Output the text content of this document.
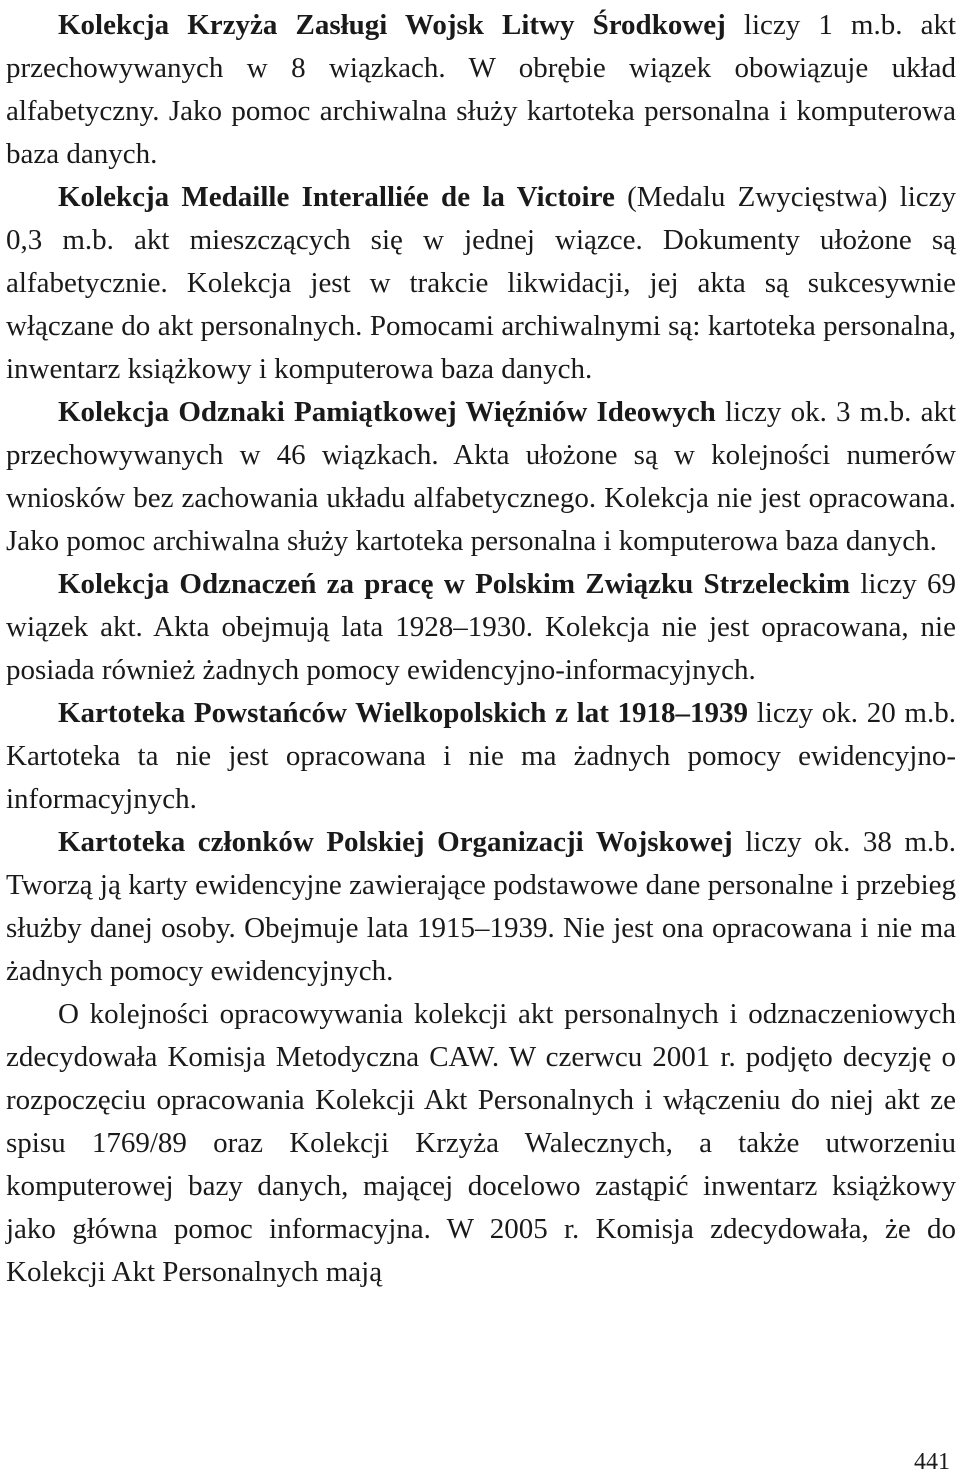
Kolekcja Krzyża Zasługi Wojsk Litwy Środkowej liczy 1 m.b. akt przechowywanych w 8 wiązkach. W obrębie wiązek obowiązuje układ alfabetyczny. Jako pomoc archiwalna służy kartoteka personalna i komputerowa baza danych.

Kolekcja Medaille Interalliée de la Victoire (Medalu Zwycięstwa) liczy 0,3 m.b. akt mieszczących się w jednej wiązce. Dokumenty ułożone są alfabetycznie. Kolekcja jest w trakcie likwidacji, jej akta są sukcesywnie włączane do akt personalnych. Pomocami archiwalnymi są: kartoteka personalna, inwentarz książkowy i komputerowa baza danych.

Kolekcja Odznaki Pamiątkowej Więźniów Ideowych liczy ok. 3 m.b. akt przechowywanych w 46 wiązkach. Akta ułożone są w kolejności numerów wniosków bez zachowania układu alfabetycznego. Kolekcja nie jest opracowana. Jako pomoc archiwalna służy kartoteka personalna i komputerowa baza danych.

Kolekcja Odznaczeń za pracę w Polskim Związku Strzeleckim liczy 69 wiązek akt. Akta obejmują lata 1928–1930. Kolekcja nie jest opracowana, nie posiada również żadnych pomocy ewidencyjno-informacyjnych.

Kartoteka Powstańców Wielkopolskich z lat 1918–1939 liczy ok. 20 m.b. Kartoteka ta nie jest opracowana i nie ma żadnych pomocy ewidencyjno-informacyjnych.

Kartoteka członków Polskiej Organizacji Wojskowej liczy ok. 38 m.b. Tworzą ją karty ewidencyjne zawierające podstawowe dane personalne i przebieg służby danej osoby. Obejmuje lata 1915–1939. Nie jest ona opracowana i nie ma żadnych pomocy ewidencyjnych.

O kolejności opracowywania kolekcji akt personalnych i odznaczeniowych zdecydowała Komisja Metodyczna CAW. W czerwcu 2001 r. podjęto decyzję o rozpoczęciu opracowania Kolekcji Akt Personalnych i włączeniu do niej akt ze spisu 1769/89 oraz Kolekcji Krzyża Walecznych, a także utworzeniu komputerowej bazy danych, mającej docelowo zastąpić inwentarz książkowy jako główna pomoc informacyjna. W 2005 r. Komisja zdecydowała, że do Kolekcji Akt Personalnych mają

441
